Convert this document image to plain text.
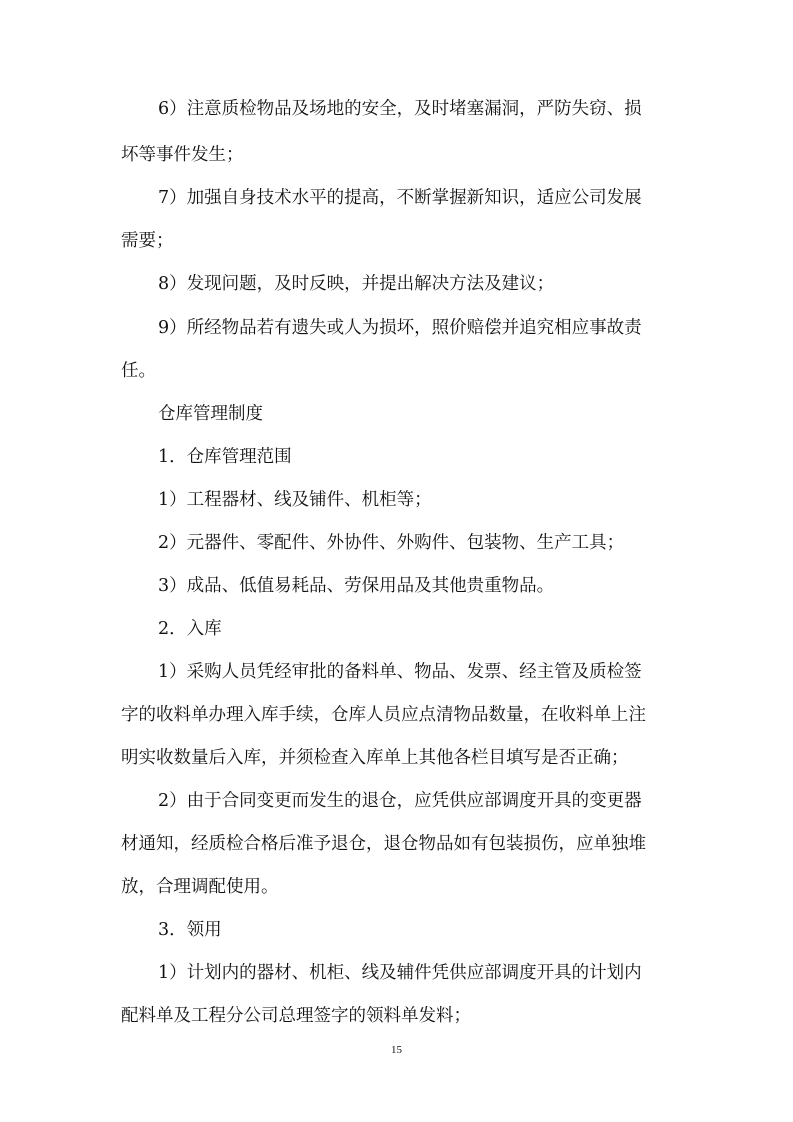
6）注意质检物品及场地的安全，及时堵塞漏洞，严防失窃、损
坏等事件发生；
7）加强自身技术水平的提高，不断掌握新知识，适应公司发展
需要；
8）发现问题，及时反映，并提出解决方法及建议；
9）所经物品若有遗失或人为损坏，照价赔偿并追究相应事故责
任。
仓库管理制度
1．仓库管理范围
1）工程器材、线及铺件、机柜等；
2）元器件、零配件、外协件、外购件、包装物、生产工具；
3）成品、低值易耗品、劳保用品及其他贵重物品。
2．入库
1）采购人员凭经审批的备料单、物品、发票、经主管及质检签
字的收料单办理入库手续，仓库人员应点清物品数量，在收料单上注
明实收数量后入库，并须检查入库单上其他各栏目填写是否正确；
2）由于合同变更而发生的退仓，应凭供应部调度开具的变更器
材通知，经质检合格后准予退仓，退仓物品如有包装损伤，应单独堆
放，合理调配使用。
3．领用
1）计划内的器材、机柜、线及辅件凭供应部调度开具的计划内
配料单及工程分公司总理签字的领料单发料；
15
